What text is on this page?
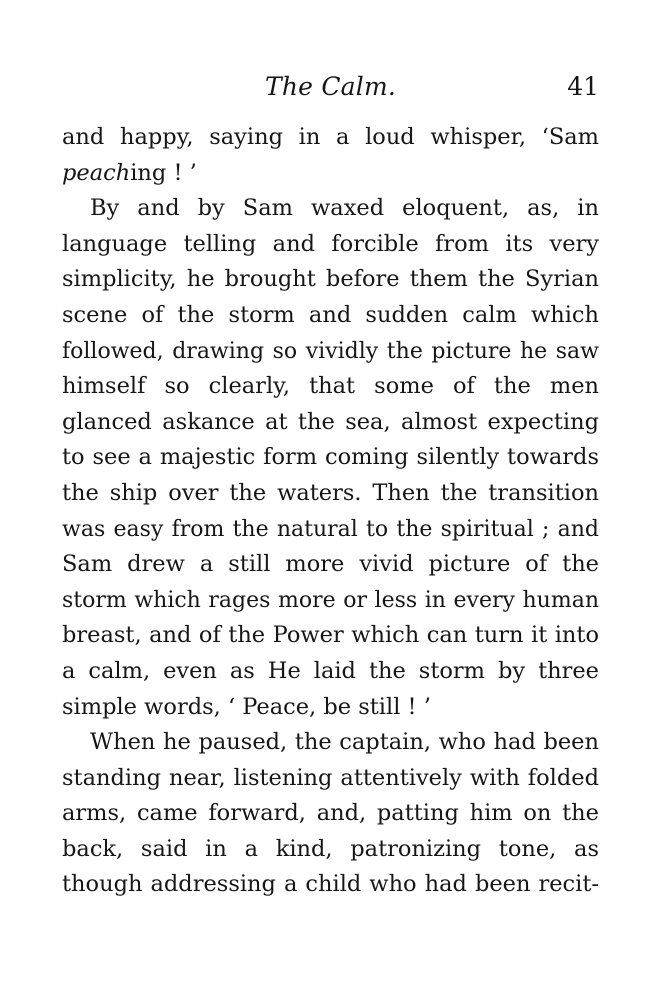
The Calm.	41
and happy, saying in a loud whisper, ‘Sam
peaching ! ’
By and by Sam waxed eloquent, as, in
language telling and forcible from its very
simplicity, he brought before them the Syrian
scene of the storm and sudden calm which
followed, drawing so vividly the picture he saw
himself so clearly, that some of the men
glanced askance at the sea, almost expecting
to see a majestic form coming silently towards
the ship over the waters. Then the transition
was easy from the natural to the spiritual ; and
Sam drew a still more vivid picture of the
storm which rages more or less in every human
breast, and of the Power which can turn it into
a calm, even as He laid the storm by three
simple words, ‘ Peace, be still ! ’
When he paused, the captain, who had been
standing near, listening attentively with folded
arms, came forward, and, patting him on the
back, said in a kind, patronizing tone, as
though addressing a child who had been recit-
